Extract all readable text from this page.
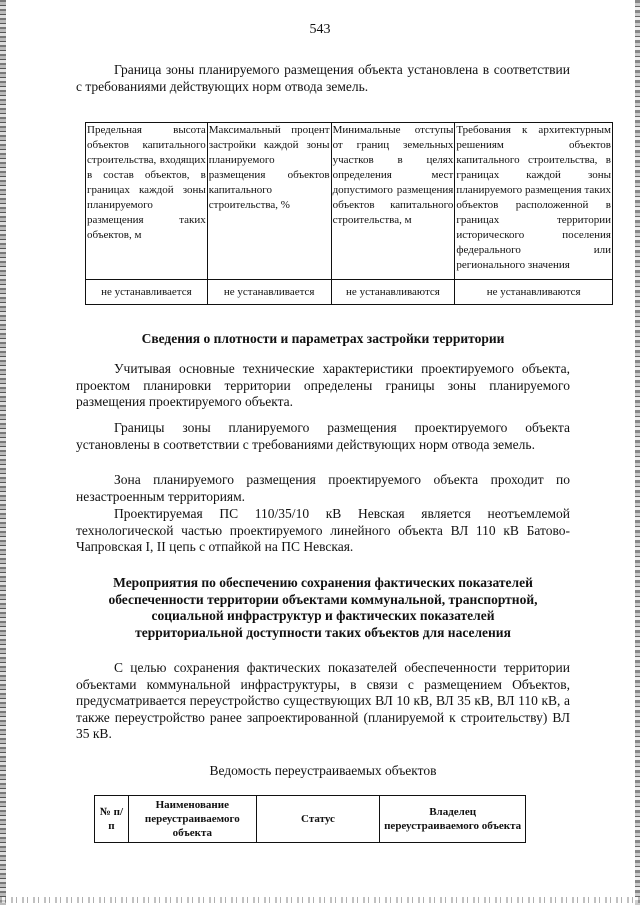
543

Граница зоны планируемого размещения объекта установлена в соответствии с требованиями действующих норм отвода земель.

Предельная высота объектов капитального строительства, входящих в состав объектов, в границах каждой зоны планируемого размещения таких объектов, м	Максимальный процент застройки каждой зоны планируемого размещения объектов капитального строительства, %	Минимальные отступы от границ земельных участков в целях определения мест допустимого размещения объектов капитального строительства, м	Требования к архитектурным решениям объектов капитального строительства, в границах каждой зоны планируемого размещения таких объектов расположенной в границах территории исторического поселения федерального или регионального значения
не устанавливается	не устанавливается	не устанавливаются	не устанавливаются

Сведения о плотности и параметрах застройки территории

Учитывая основные технические характеристики проектируемого объекта, проектом планировки территории определены границы зоны планируемого размещения проектируемого объекта.

Границы зоны планируемого размещения проектируемого объекта установлены в соответствии с требованиями действующих норм отвода земель.

Зона планируемого размещения проектируемого объекта проходит по незастроенным территориям.

Проектируемая ПС 110/35/10 кВ Невская является неотъемлемой технологической частью проектируемого линейного объекта ВЛ 110 кВ Батово-Чапровская I, II цепь с отпайкой на ПС Невская.

Мероприятия по обеспечению сохранения фактических показателей обеспеченности территории объектами коммунальной, транспортной, социальной инфраструктур и фактических показателей территориальной доступности таких объектов для населения

С целью сохранения фактических показателей обеспеченности территории объектами коммунальной инфраструктуры, в связи с размещением Объектов, предусматривается переустройство существующих ВЛ 10 кВ, ВЛ 35 кВ, ВЛ 110 кВ, а также переустройство ранее запроектированной (планируемой к строительству) ВЛ 35 кВ.

Ведомость переустраиваемых объектов
№ п/п	Наименование переустраиваемого объекта	Статус	Владелец переустраиваемого объекта
